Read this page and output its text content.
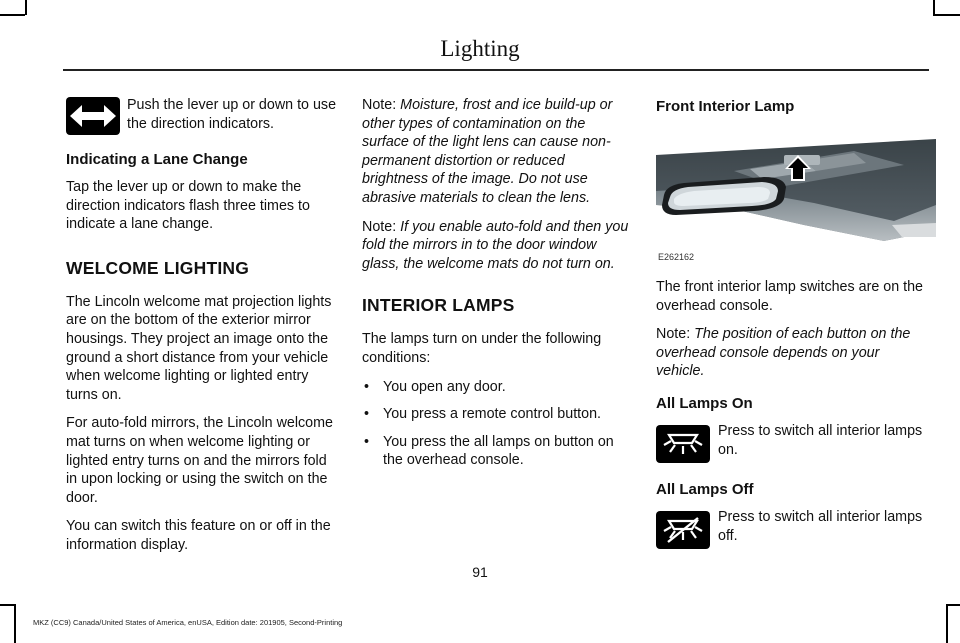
Lighting

Push the lever up or down to use the direction indicators.

Indicating a Lane Change

Tap the lever up or down to make the direction indicators flash three times to indicate a lane change.

WELCOME LIGHTING

The Lincoln welcome mat projection lights are on the bottom of the exterior mirror housings. They project an image onto the ground a short distance from your vehicle when welcome lighting or lighted entry turns on.

For auto-fold mirrors, the Lincoln welcome mat turns on when welcome lighting or lighted entry turns on and the mirrors fold in upon locking or using the switch on the door.

You can switch this feature on or off in the information display.

Note: Moisture, frost and ice build-up or other types of contamination on the surface of the light lens can cause non-permanent distortion or reduced brightness of the image. Do not use abrasive materials to clean the lens.

Note: If you enable auto-fold and then you fold the mirrors in to the door window glass, the welcome mats do not turn on.

INTERIOR LAMPS

The lamps turn on under the following conditions:

• You open any door.
• You press a remote control button.
• You press the all lamps on button on the overhead console.
Front Interior Lamp
E262162

The front interior lamp switches are on the overhead console.

Note: The position of each button on the overhead console depends on your vehicle.

All Lamps On

Press to switch all interior lamps on.

All Lamps Off

Press to switch all interior lamps off.

91
MKZ (CC9) Canada/United States of America, enUSA, Edition date: 201905, Second-Printing
